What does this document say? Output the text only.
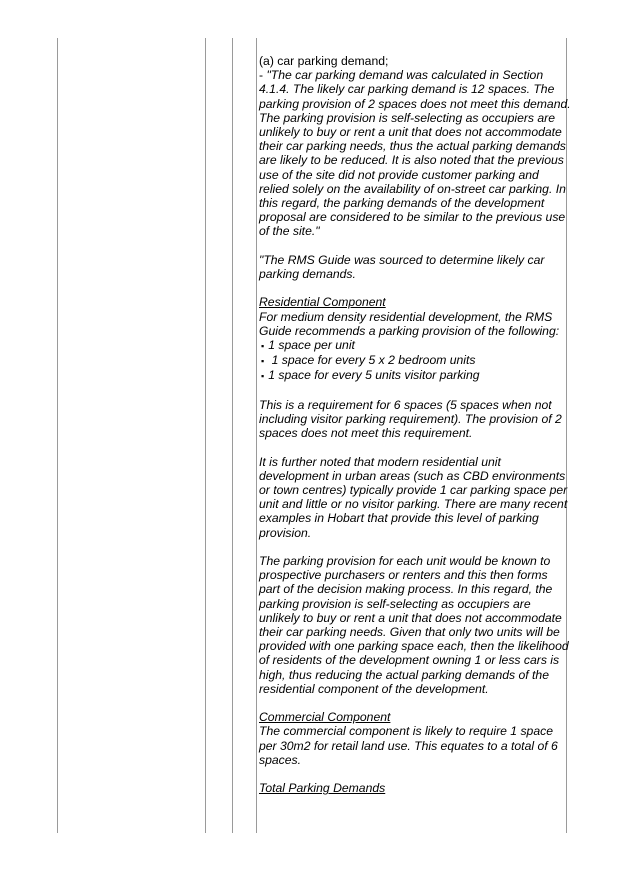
(a) car parking demand;

- "The car parking demand was calculated in Section 4.1.4. The likely car parking demand is 12 spaces. The parking provision of 2 spaces does not meet this demand. The parking provision is self-selecting as occupiers are unlikely to buy or rent a unit that does not accommodate their car parking needs, thus the actual parking demands are likely to be reduced. It is also noted that the previous use of the site did not provide customer parking and relied solely on the availability of on-street car parking. In this regard, the parking demands of the development proposal are considered to be similar to the previous use of the site."

"The RMS Guide was sourced to determine likely car parking demands.

Residential Component

For medium density residential development, the RMS Guide recommends a parking provision of the following:

▪ 1 space per unit
▪ 1 space for every 5 x 2 bedroom units
▪ 1 space for every 5 units visitor parking

This is a requirement for 6 spaces (5 spaces when not including visitor parking requirement). The provision of 2 spaces does not meet this requirement.

It is further noted that modern residential unit development in urban areas (such as CBD environments or town centres) typically provide 1 car parking space per unit and little or no visitor parking. There are many recent examples in Hobart that provide this level of parking provision.

The parking provision for each unit would be known to prospective purchasers or renters and this then forms part of the decision making process. In this regard, the parking provision is self-selecting as occupiers are unlikely to buy or rent a unit that does not accommodate their car parking needs. Given that only two units will be provided with one parking space each, then the likelihood of residents of the development owning 1 or less cars is high, thus reducing the actual parking demands of the residential component of the development.

Commercial Component

The commercial component is likely to require 1 space per 30m2 for retail land use. This equates to a total of 6 spaces.

Total Parking Demands
